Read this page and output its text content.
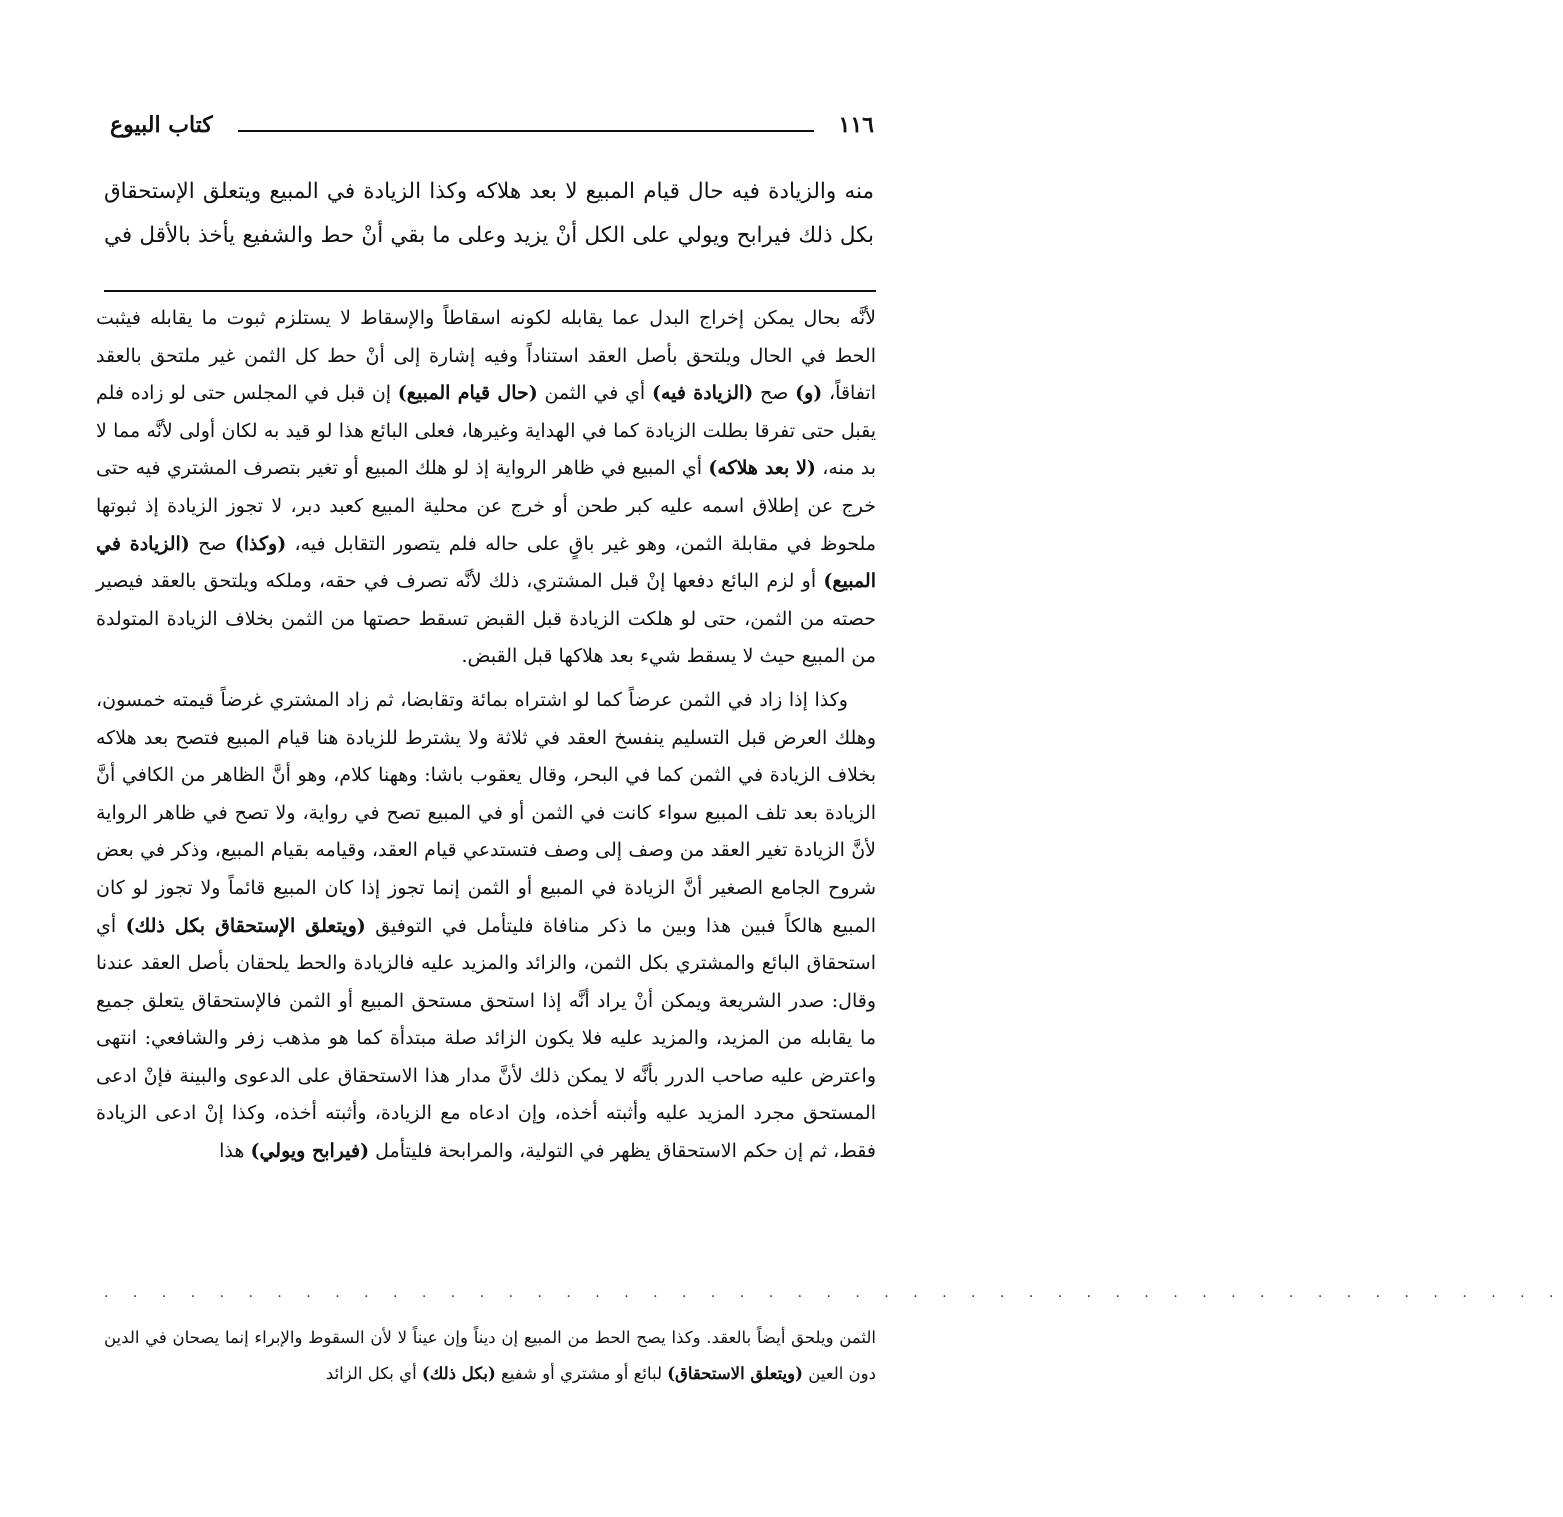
١١٦
كتاب البيوع

منه والزيادة فيه حال قيام المبيع لا بعد هلاكه وكذا الزيادة في المبيع ويتعلق الإستحقاق بكل ذلك فيرابح ويولي على الكل أنْ يزيد وعلى ما بقي أنْ حط والشفيع يأخذ بالأقل في

لأنَّه بحال يمكن إخراج البدل عما يقابله لكونه اسقاطاً والإسقاط لا يستلزم ثبوت ما يقابله فيثبت الحط في الحال ويلتحق بأصل العقد استناداً وفيه إشارة إلى أنْ حط كل الثمن غير ملتحق بالعقد اتفاقاً، (و) صح (الزيادة فيه) أي في الثمن (حال قيام المبيع) إن قبل في المجلس حتى لو زاده فلم يقبل حتى تفرقا بطلت الزيادة كما في الهداية وغيرها، فعلى البائع هذا لو قيد به لكان أولى لأنَّه مما لا بد منه، (لا بعد هلاكه) أي المبيع في ظاهر الرواية إذ لو هلك المبيع أو تغير بتصرف المشتري فيه حتى خرج عن إطلاق اسمه عليه كبر طحن أو خرج عن محلية المبيع كعبد دبر، لا تجوز الزيادة إذ ثبوتها ملحوظ في مقابلة الثمن، وهو غير باقٍ على حاله فلم يتصور التقابل فيه، (وكذا) صح (الزيادة في المبيع) أو لزم البائع دفعها إنْ قبل المشتري، ذلك لأنَّه تصرف في حقه، وملكه ويلتحق بالعقد فيصير حصته من الثمن، حتى لو هلكت الزيادة قبل القبض تسقط حصتها من الثمن بخلاف الزيادة المتولدة من المبيع حيث لا يسقط شيء بعد هلاكها قبل القبض.

وكذا إذا زاد في الثمن عرضاً كما لو اشتراه بمائة وتقابضا، ثم زاد المشتري غرضاً قيمته خمسون، وهلك العرض قبل التسليم ينفسخ العقد في ثلاثة ولا يشترط للزيادة هنا قيام المبيع فتصح بعد هلاكه بخلاف الزيادة في الثمن كما في البحر، وقال يعقوب باشا: وههنا كلام، وهو أنَّ الظاهر من الكافي أنَّ الزيادة بعد تلف المبيع سواء كانت في الثمن أو في المبيع تصح في رواية، ولا تصح في ظاهر الرواية لأنَّ الزيادة تغير العقد من وصف إلى وصف فتستدعي قيام العقد، وقيامه بقيام المبيع، وذكر في بعض شروح الجامع الصغير أنَّ الزيادة في المبيع أو الثمن إنما تجوز إذا كان المبيع قائماً ولا تجوز لو كان المبيع هالكاً فبين هذا وبين ما ذكر منافاة فليتأمل في التوفيق (ويتعلق الإستحقاق بكل ذلك) أي استحقاق البائع والمشتري بكل الثمن، والزائد والمزيد عليه فالزيادة والحط يلحقان بأصل العقد عندنا وقال: صدر الشريعة ويمكن أنْ يراد أنَّه إذا استحق مستحق المبيع أو الثمن فالإستحقاق يتعلق جميع ما يقابله من المزيد، والمزيد عليه فلا يكون الزائد صلة مبتدأة كما هو مذهب زفر والشافعي: انتهى واعترض عليه صاحب الدرر بأنَّه لا يمكن ذلك لأنَّ مدار هذا الاستحقاق على الدعوى والبينة فإنْ ادعى المستحق مجرد المزيد عليه وأثبته أخذه، وإن ادعاه مع الزيادة، وأثبته أخذه، وكذا إنْ ادعى الزيادة فقط، ثم إن حكم الاستحقاق يظهر في التولية، والمرابحة فليتأمل (فيرابح ويولي) هذا

. . . . . . . . . . . . . . . . . . . . . . . . . . . . . . . . . . . . . . . . . . . . . . . . . . .

الثمن ويلحق أيضاً بالعقد. وكذا يصح الحط من المبيع إن ديناً وإن عيناً لا لأن السقوط والإبراء إنما يصحان في الدين دون العين (ويتعلق الاستحقاق) لبائع أو مشتري أو شفيع (بكل ذلك) أي بكل الزائد
